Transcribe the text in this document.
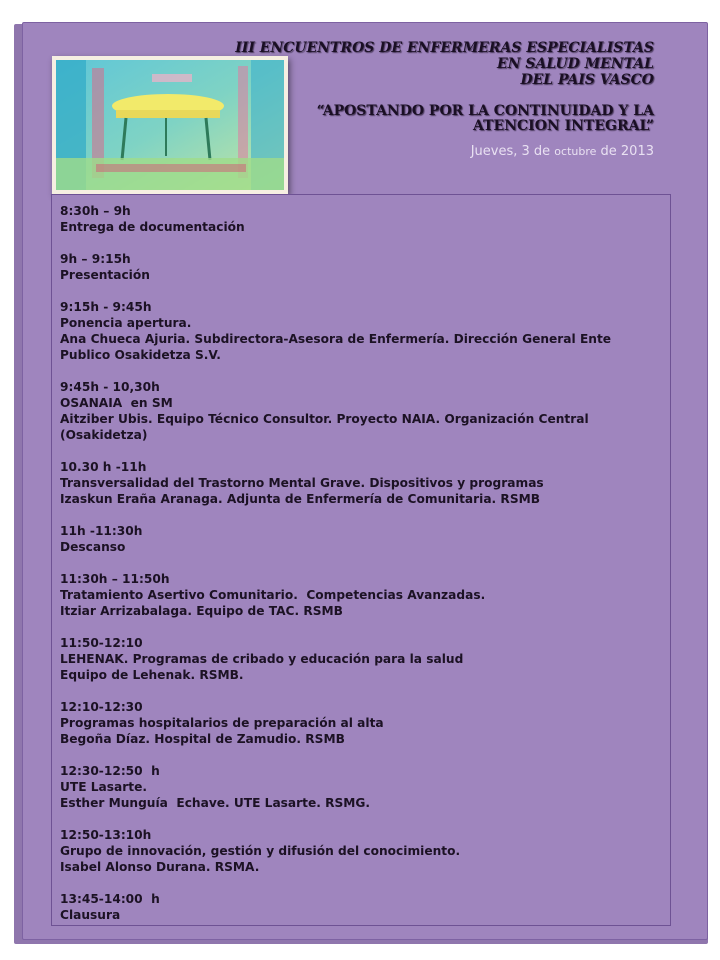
III ENCUENTROS DE ENFERMERAS ESPECIALISTAS
EN SALUD MENTAL
DEL PAIS VASCO
“APOSTANDO POR LA CONTINUIDAD Y LA
ATENCION INTEGRAL”
Jueves, 3 de octubre de 2013
8:30h – 9h
Entrega de documentación
9h – 9:15h
Presentación
9:15h - 9:45h
Ponencia apertura.
Ana Chueca Ajuria. Subdirectora-Asesora de Enfermería. Dirección General Ente
Publico Osakidetza S.V.
9:45h - 10,30h
OSANAIA  en SM
Aitziber Ubis. Equipo Técnico Consultor. Proyecto NAIA. Organización Central
(Osakidetza)
10.30 h -11h
Transversalidad del Trastorno Mental Grave. Dispositivos y programas
Izaskun Eraña Aranaga. Adjunta de Enfermería de Comunitaria. RSMB
11h -11:30h
Descanso
11:30h – 11:50h
Tratamiento Asertivo Comunitario.  Competencias Avanzadas.
Itziar Arrizabalaga. Equipo de TAC. RSMB
11:50-12:10
LEHENAK. Programas de cribado y educación para la salud
Equipo de Lehenak. RSMB.
12:10-12:30
Programas hospitalarios de preparación al alta
Begoña Díaz. Hospital de Zamudio. RSMB
12:30-12:50  h
UTE Lasarte.
Esther Munguía  Echave. UTE Lasarte. RSMG.
12:50-13:10h
Grupo de innovación, gestión y difusión del conocimiento.
Isabel Alonso Durana. RSMA.
13:45-14:00  h
Clausura
